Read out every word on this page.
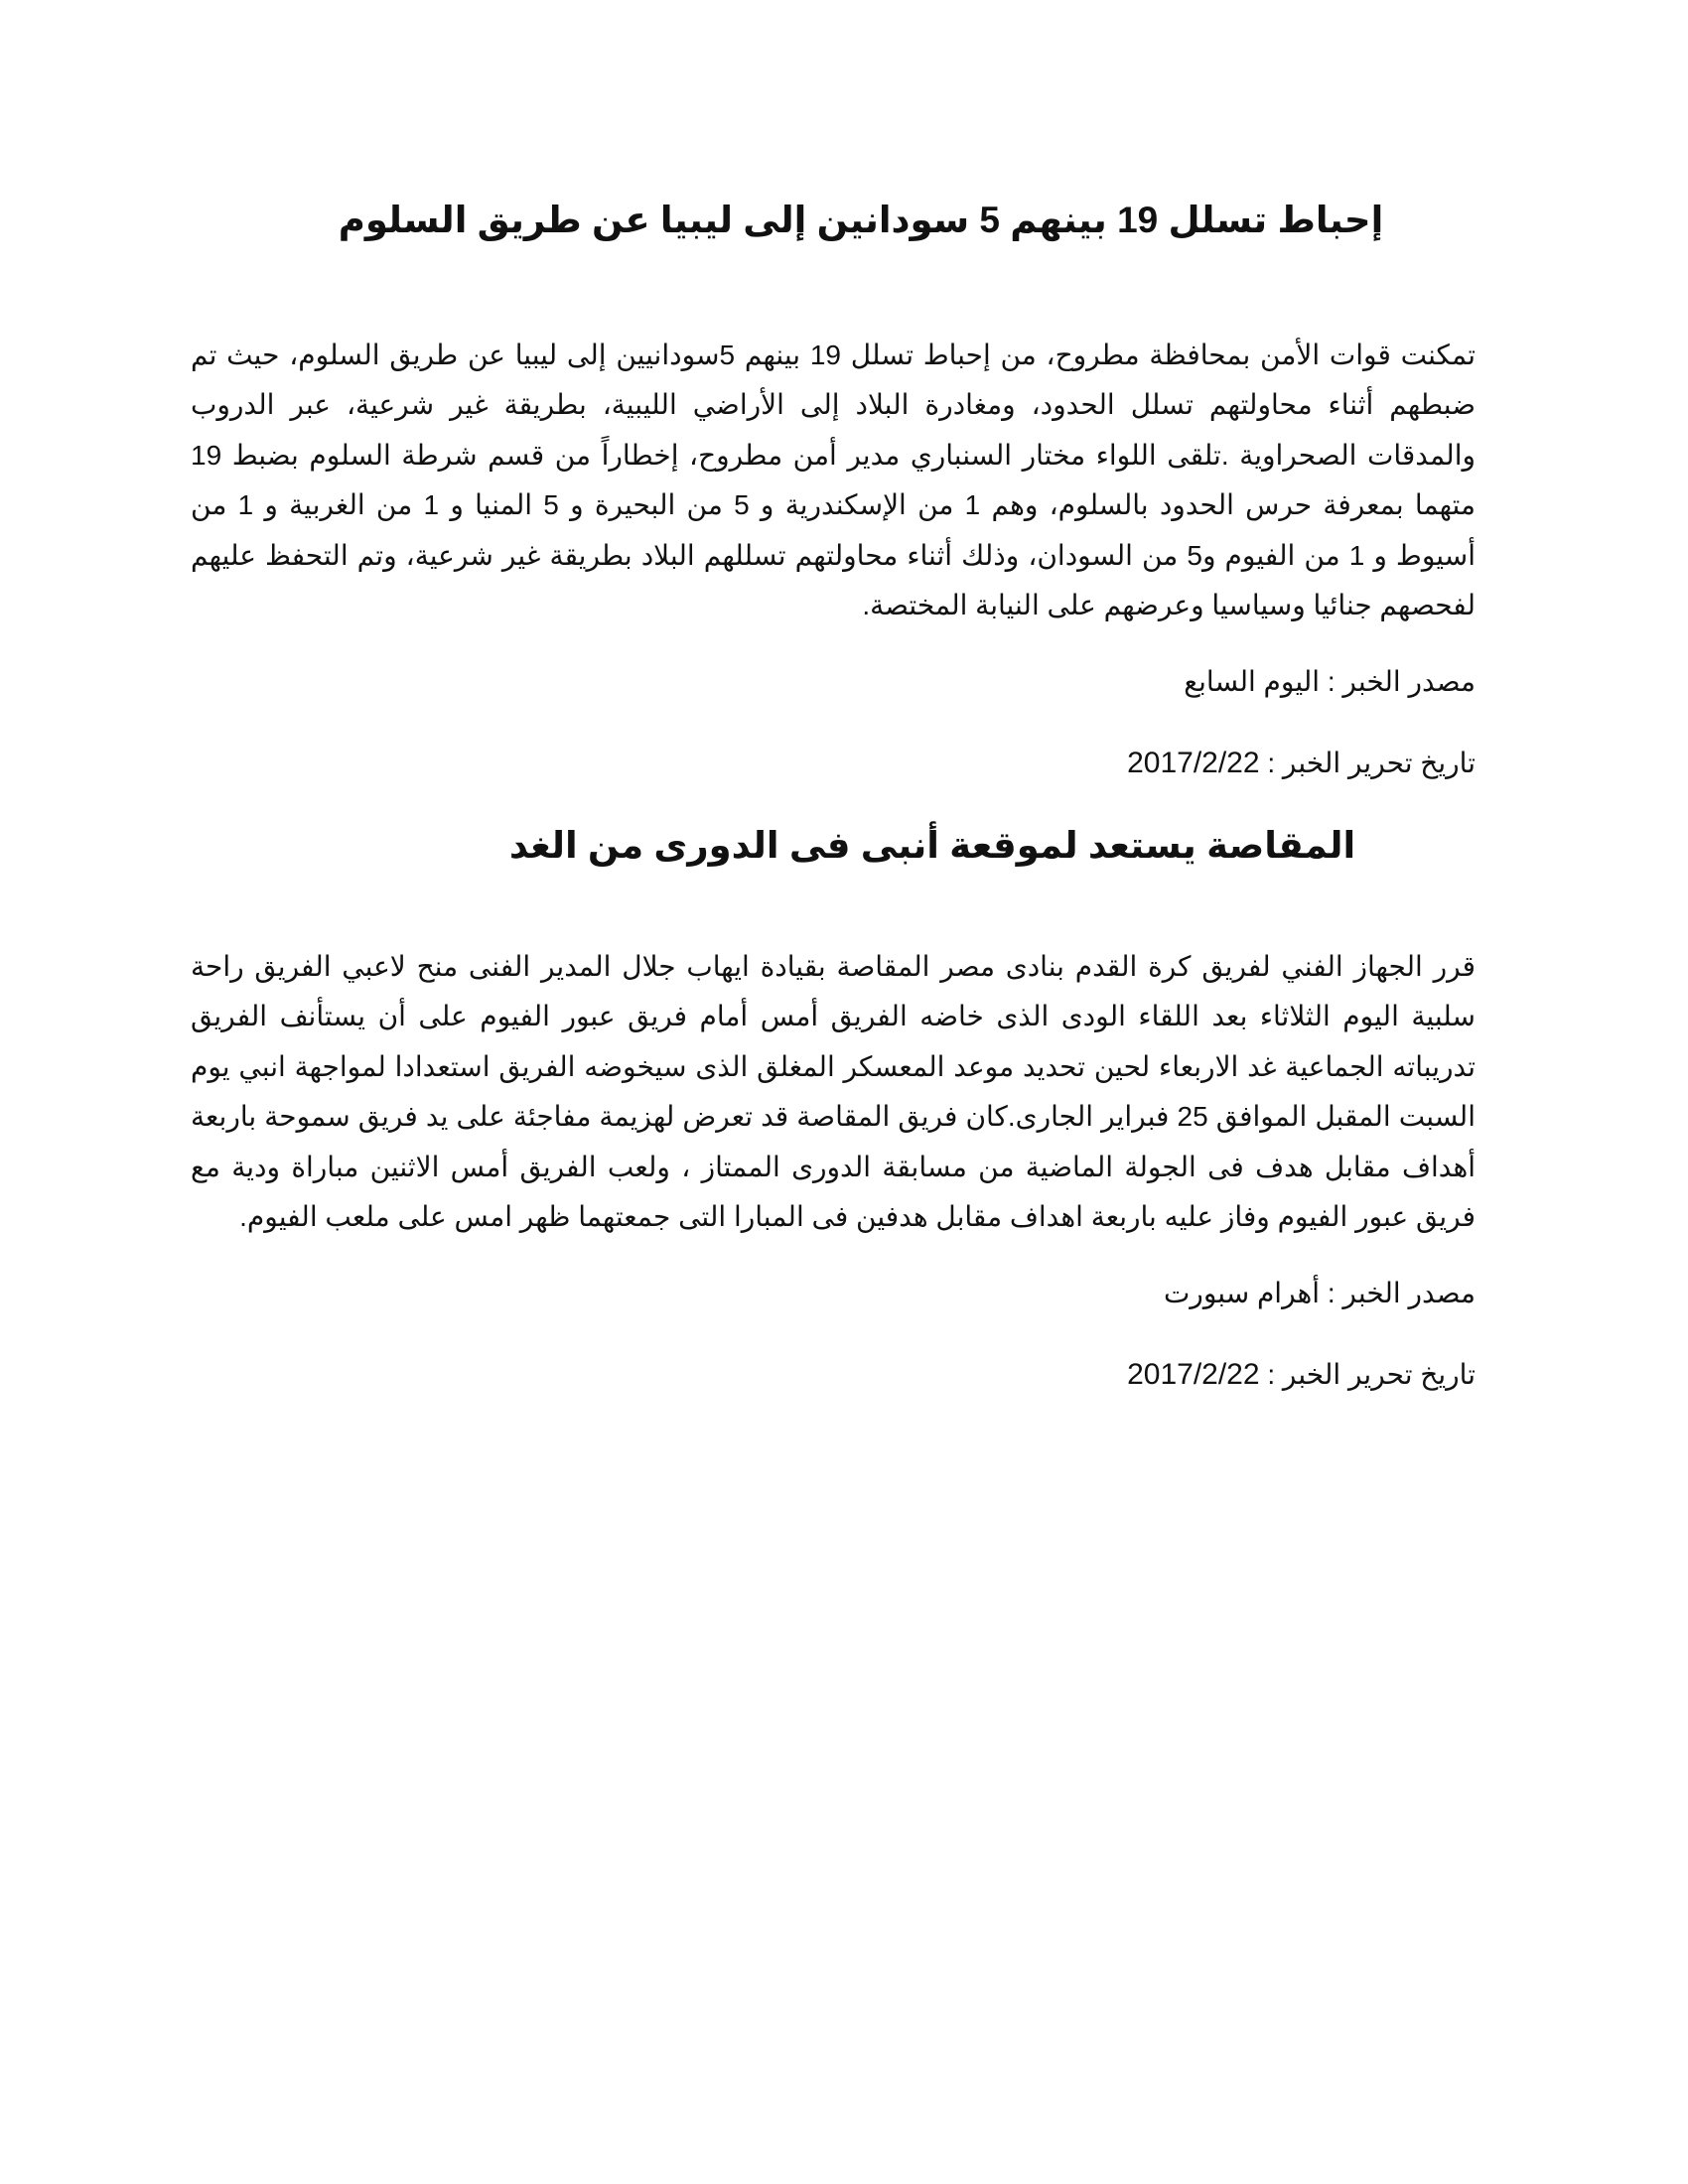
إحباط تسلل 19 بينهم 5 سودانين إلى ليبيا عن طريق السلوم

تمكنت قوات الأمن بمحافظة مطروح، من إحباط تسلل 19 بينهم 5سودانيين إلى ليبيا عن طريق السلوم، حيث تم ضبطهم أثناء محاولتهم تسلل الحدود، ومغادرة البلاد إلى الأراضي الليبية، بطريقة غير شرعية، عبر الدروب والمدقات الصحراوية .تلقى اللواء مختار السنباري مدير أمن مطروح، إخطاراً من قسم شرطة السلوم بضبط 19 متهما بمعرفة حرس الحدود بالسلوم، وهم 1 من الإسكندرية و 5 من البحيرة و 5 المنيا و 1 من الغربية و 1 من أسيوط و 1 من الفيوم و5 من السودان، وذلك أثناء محاولتهم تسللهم البلاد بطريقة غير شرعية، وتم التحفظ عليهم لفحصهم جنائيا وسياسيا وعرضهم على النيابة المختصة.

مصدر الخبر : اليوم السابع

تاريخ تحرير الخبر : 2017/2/22

المقاصة يستعد لموقعة أنبى فى الدورى من الغد

قرر الجهاز الفني لفريق كرة القدم بنادى مصر المقاصة بقيادة ايهاب جلال المدير الفنى منح لاعبي الفريق راحة سلبية اليوم الثلاثاء بعد اللقاء الودى الذى خاضه الفريق أمس أمام فريق عبور الفيوم على أن يستأنف الفريق تدريباته الجماعية غد الاربعاء لحين تحديد موعد المعسكر المغلق الذى سيخوضه الفريق استعدادا لمواجهة انبي يوم السبت المقبل الموافق 25 فبراير الجارى.كان فريق المقاصة قد تعرض لهزيمة مفاجئة على يد فريق سموحة باربعة أهداف مقابل هدف فى الجولة الماضية من مسابقة الدورى الممتاز ، ولعب الفريق أمس الاثنين مباراة ودية مع فريق عبور الفيوم وفاز عليه باربعة اهداف مقابل هدفين فى المبارا التى جمعتهما ظهر امس على ملعب الفيوم.

مصدر الخبر : أهرام سبورت

تاريخ تحرير الخبر : 2017/2/22
